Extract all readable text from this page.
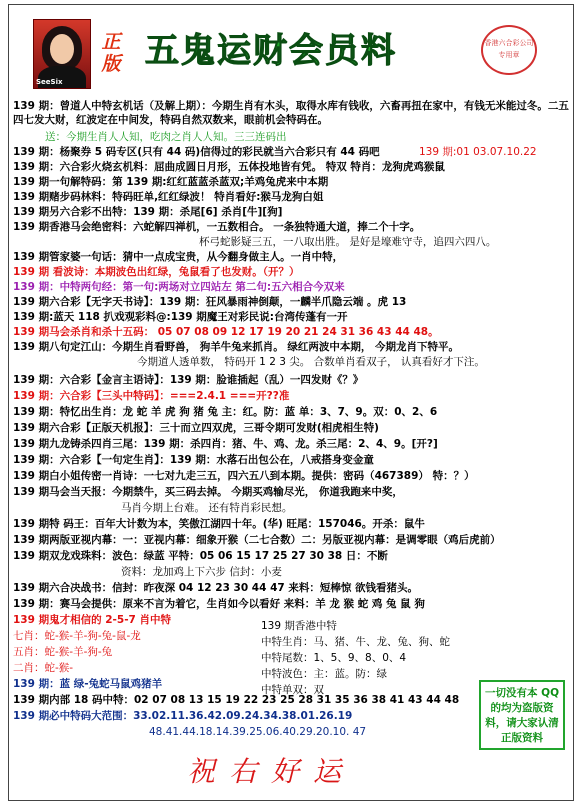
SeeSix
正版 五鬼运财会员料	香港六合彩公司 专用章
139 期：曾道人中特玄机话（及解上期）：今期生肖有木头，取得水库有钱收，六畜再扭在家中，有钱无米能过冬。二五四七发大财，红波定在中间发，特码自然双数来，眼前机会特码在。
送：今期生肖人人知，吃肉之肖人人知。三三连码出
139 期：杨聚券 5 码专区(只有 44 码)信得过的彩民就当六合彩只有 44 码吧	139 期:01 03.07.10.22
139 期：六合彩火烧玄机料：屈曲成圆日月形，五体投地皆有凭。 特双 特肖：龙狗虎鸡猴鼠
139 期一句解特码：第 139 期:红红蓝蓝杀蓝双;羊鸡兔虎来中本期
139 期赌步码林料：特码旺单,红红绿波！ 特肖看好:猴马龙狗白姐
139 期另六合彩不出特：139 期：杀尾[6] 杀肖[牛][狗]
139 期香港马会绝密料：六蛇解四禅机，一五数相合。 一条独特通大道，捧二个十字。
杯弓蛇影疑三五，一八取出胜。 是好是壕难守寺，追四六四八。
139 期管家婆一句话：猜中一点成宝贵，从今翻身做主人。一肖中特，
139 期 看波诗：本期波色出红绿，兔鼠看了也发财。（开？）
139 期：中特两句经：第一句:两场对立四站左 第二句:五六相合今双来
139 期六合彩【无字天书诗】：139 期：狂风暴雨神倒颠，一麟半爪隐云端 。虎 13
139 期:蓝天 118 扒戏观彩料@:139 期魔王对彩民说:台湾传蓬有一开
139 期马会杀肖和杀十五码： 05 07 08 09 12 17 19 20 21 24 31 36 43 44 48。
139 期八句定江山：今期生肖看野兽， 狗羊牛兔来抓肖。 绿红两波中本期， 今期龙肖下特平。
今期道人透单数， 特码开 1 2 3 尖。 合数单肖看双子， 认真看好才下注。
139 期：六合彩【金言主语诗】：139 期：脸谁插起（乱）一四发财《？》
139 期：六合彩【三头中特码】：===2.4.1 ===开??准
139 期：特忆出生肖：龙 蛇 羊 虎 狗 猪 兔 主：红。防：蓝 单：3、7、9。双：0、2、6
139 期六合彩【正版天机报】：三十而立四双虎，三哥令期可发财(相虎相生特)
139 期九龙铸杀四肖三尾：139 期：杀四肖：猪、牛、鸡、龙。杀三尾：2、4、9。[开?]
139 期：六合彩【一句定生肖】：139 期：水落石出包公在，八戒搭身变金童
139 期白小姐传密一肖诗：一七对九走三五，四六五八到本期。提供：密码（467389） 特：？）
139 期马会当天报：今期禁牛，买三码去掉。 今期买鸡输尽光， 你道我跑来中奖，
马肖今期上台难。 还有特肖彩民想。
139 期特 码王：百年大计数为本，笑傲江湖四十年。(华) 旺尾：157046。开杀：鼠牛
139 期两版亚视内幕：一：亚视内幕：细象开猴（二七合数）二：另版亚视内幕：是调零眼（鸡后虎前）
139 期双龙戏珠料：波色：绿蓝 平特：05 06 15 17 25 27 30 38 日：不断
资料：龙加鸡上下六步 信封：小麦
139 期六合决战书：信封：昨夜深 04 12 23 30 44 47 来料：短棒惊 欲钱看猪头。
139 期：赛马会提供：原来不言为着它，生肖如今以看好 来料：羊 龙 猴 蛇 鸡 兔 鼠 狗
139 期鬼才相信的 2-5-7 肖中特
七肖：蛇-猴-羊-狗-兔-鼠-龙
五肖：蛇-猴-羊-狗-兔
二肖：蛇-猴-
139 期：蓝 绿-兔蛇马鼠鸡猪羊
139 期内部 18 码中特：02 07 08 13 15 19 22 23 25 28 31 35 36 38 41 43 44 48
139 期必中特码大范围：33.02.11.36.42.09.24.34.38.01.26.19
48.41.44.18.14.39.25.06.40.29.20.10. 47
139 期香港中特
中特生肖：马、猪、牛、龙、兔、狗、蛇
中特尾数：1、5、9、8、0、4
中特波色：主：蓝。防：绿
中特单双：双	一切没有本 QQ 的均为盗版资料，请大家认清正版资料
祝右好运
